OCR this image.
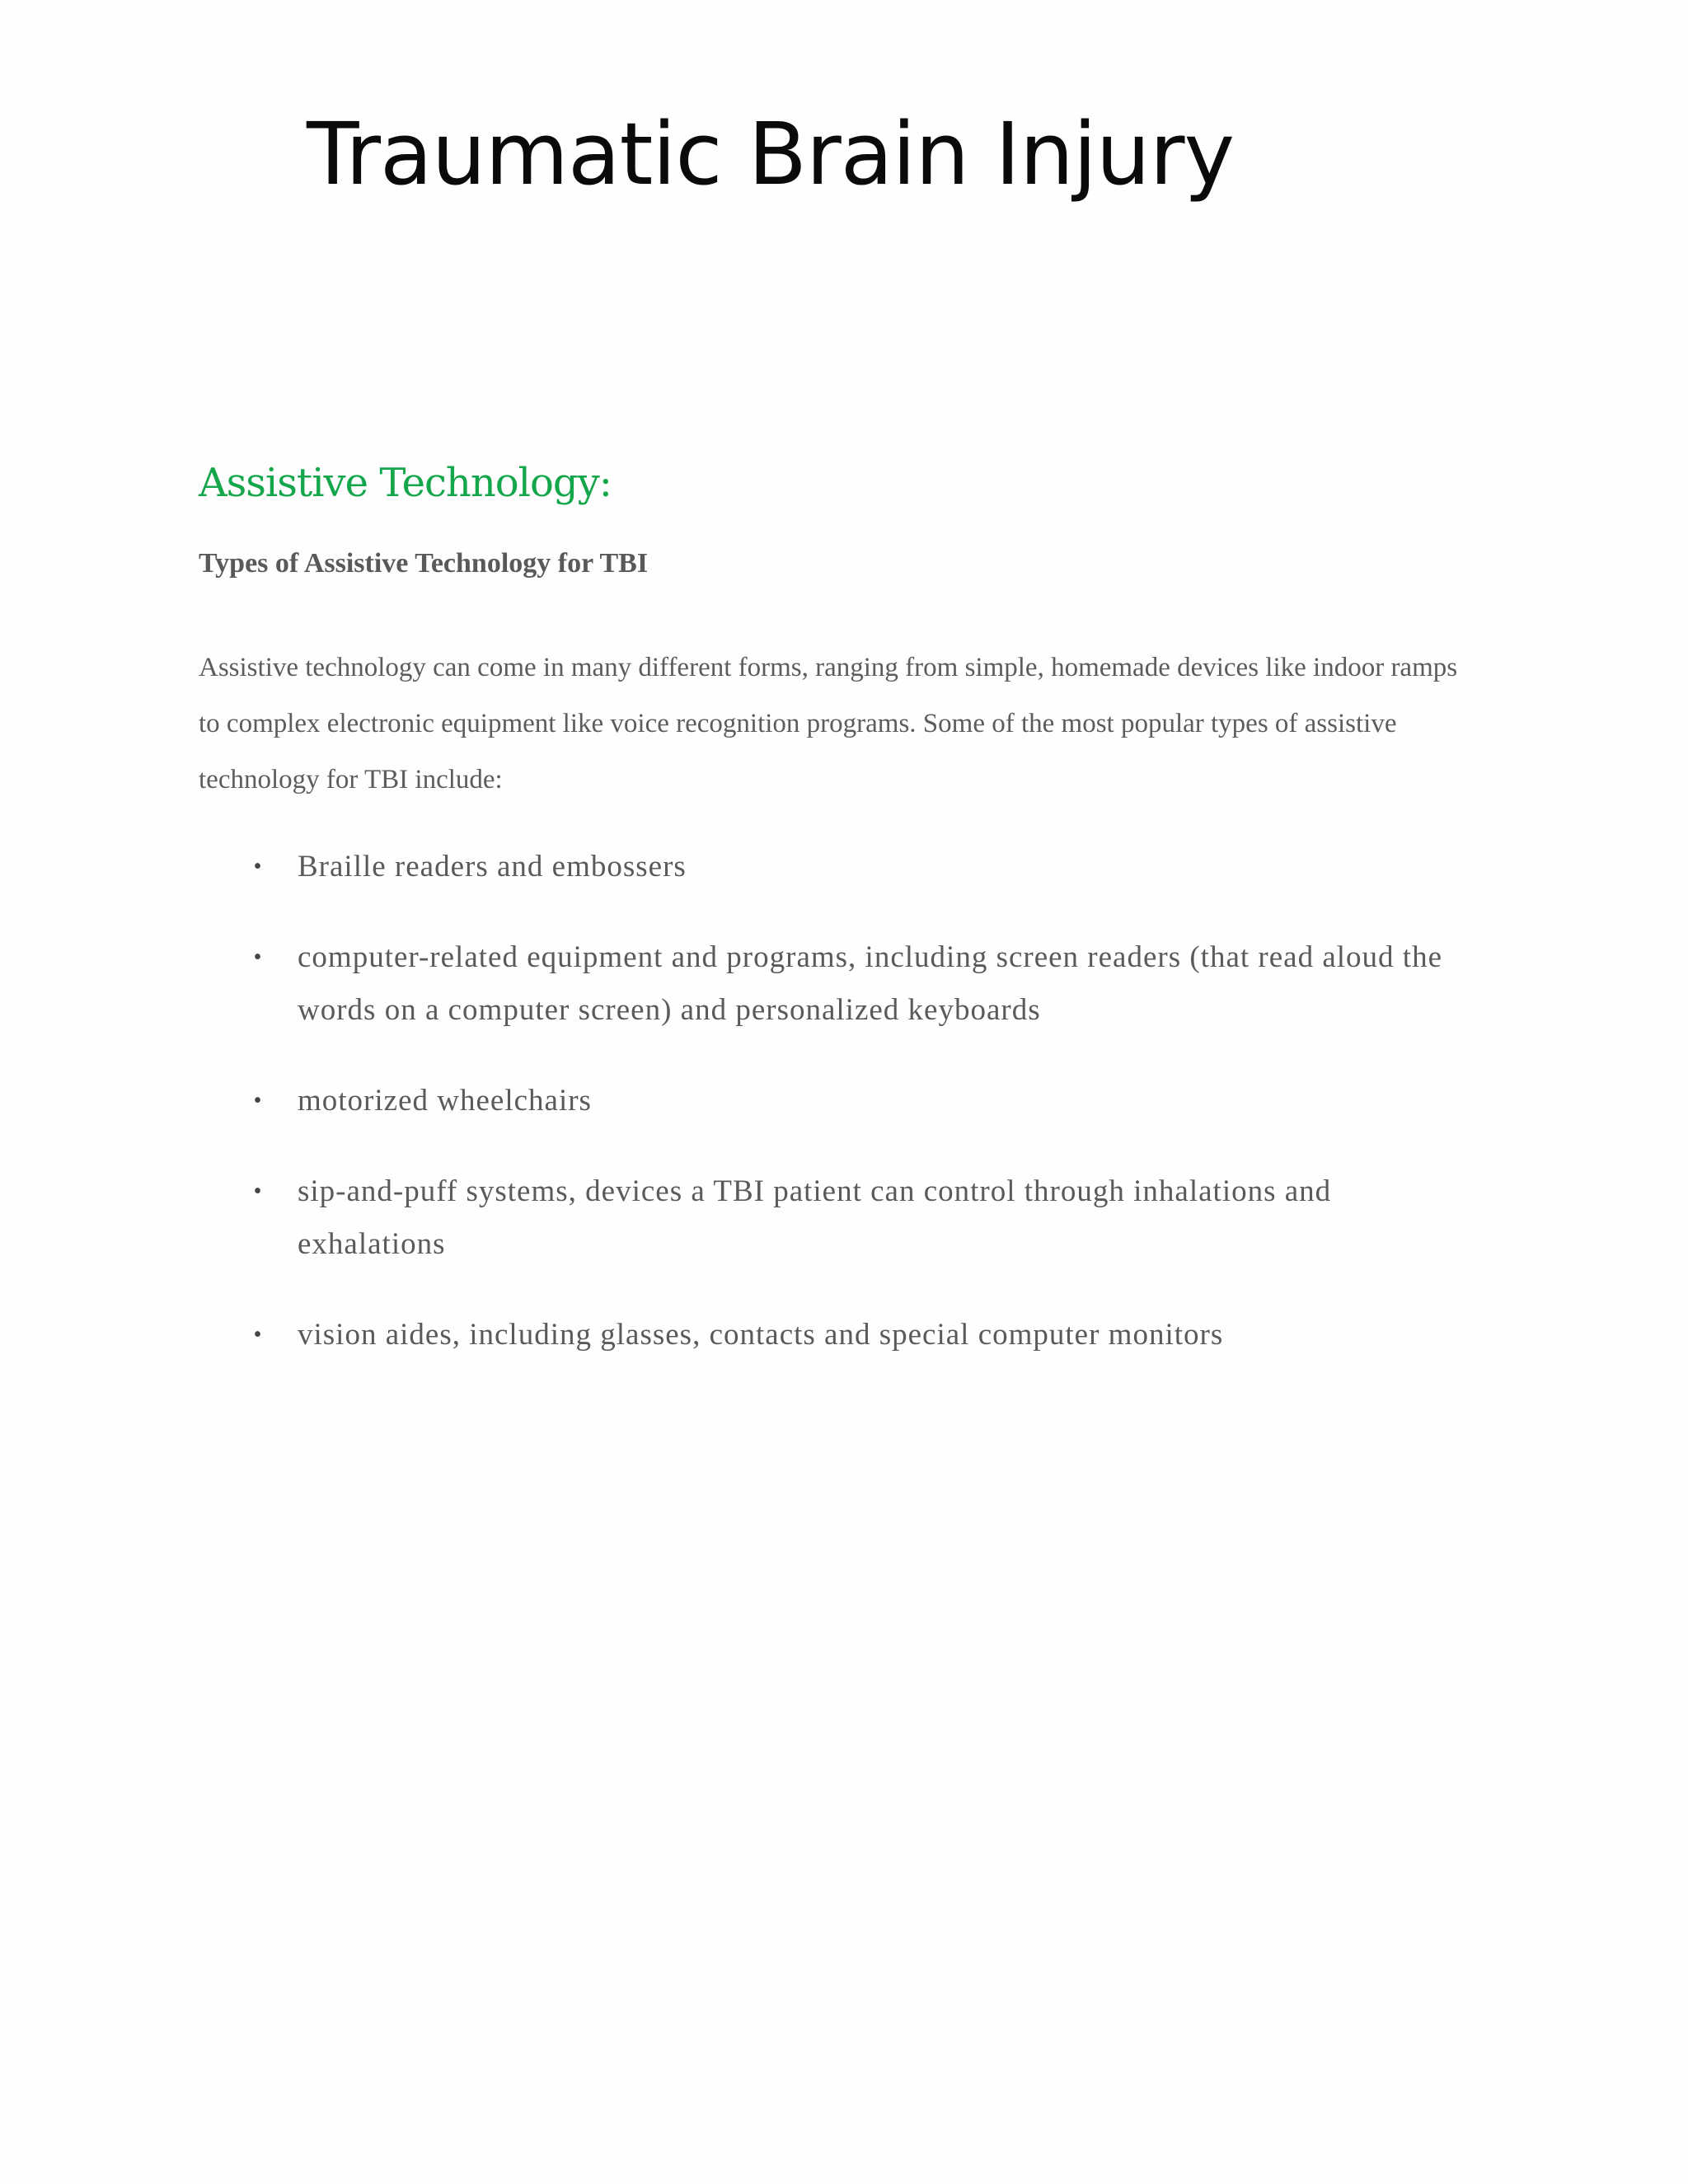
Traumatic Brain Injury
Assistive Technology:
Types of Assistive Technology for TBI

Assistive technology can come in many different forms, ranging from simple, homemade devices like indoor ramps to complex electronic equipment like voice recognition programs. Some of the most popular types of assistive technology for TBI include:

• Braille readers and embossers
• computer-related equipment and programs, including screen readers (that read aloud the words on a computer screen) and personalized keyboards
• motorized wheelchairs
• sip-and-puff systems, devices a TBI patient can control through inhalations and exhalations
• vision aides, including glasses, contacts and special computer monitors
